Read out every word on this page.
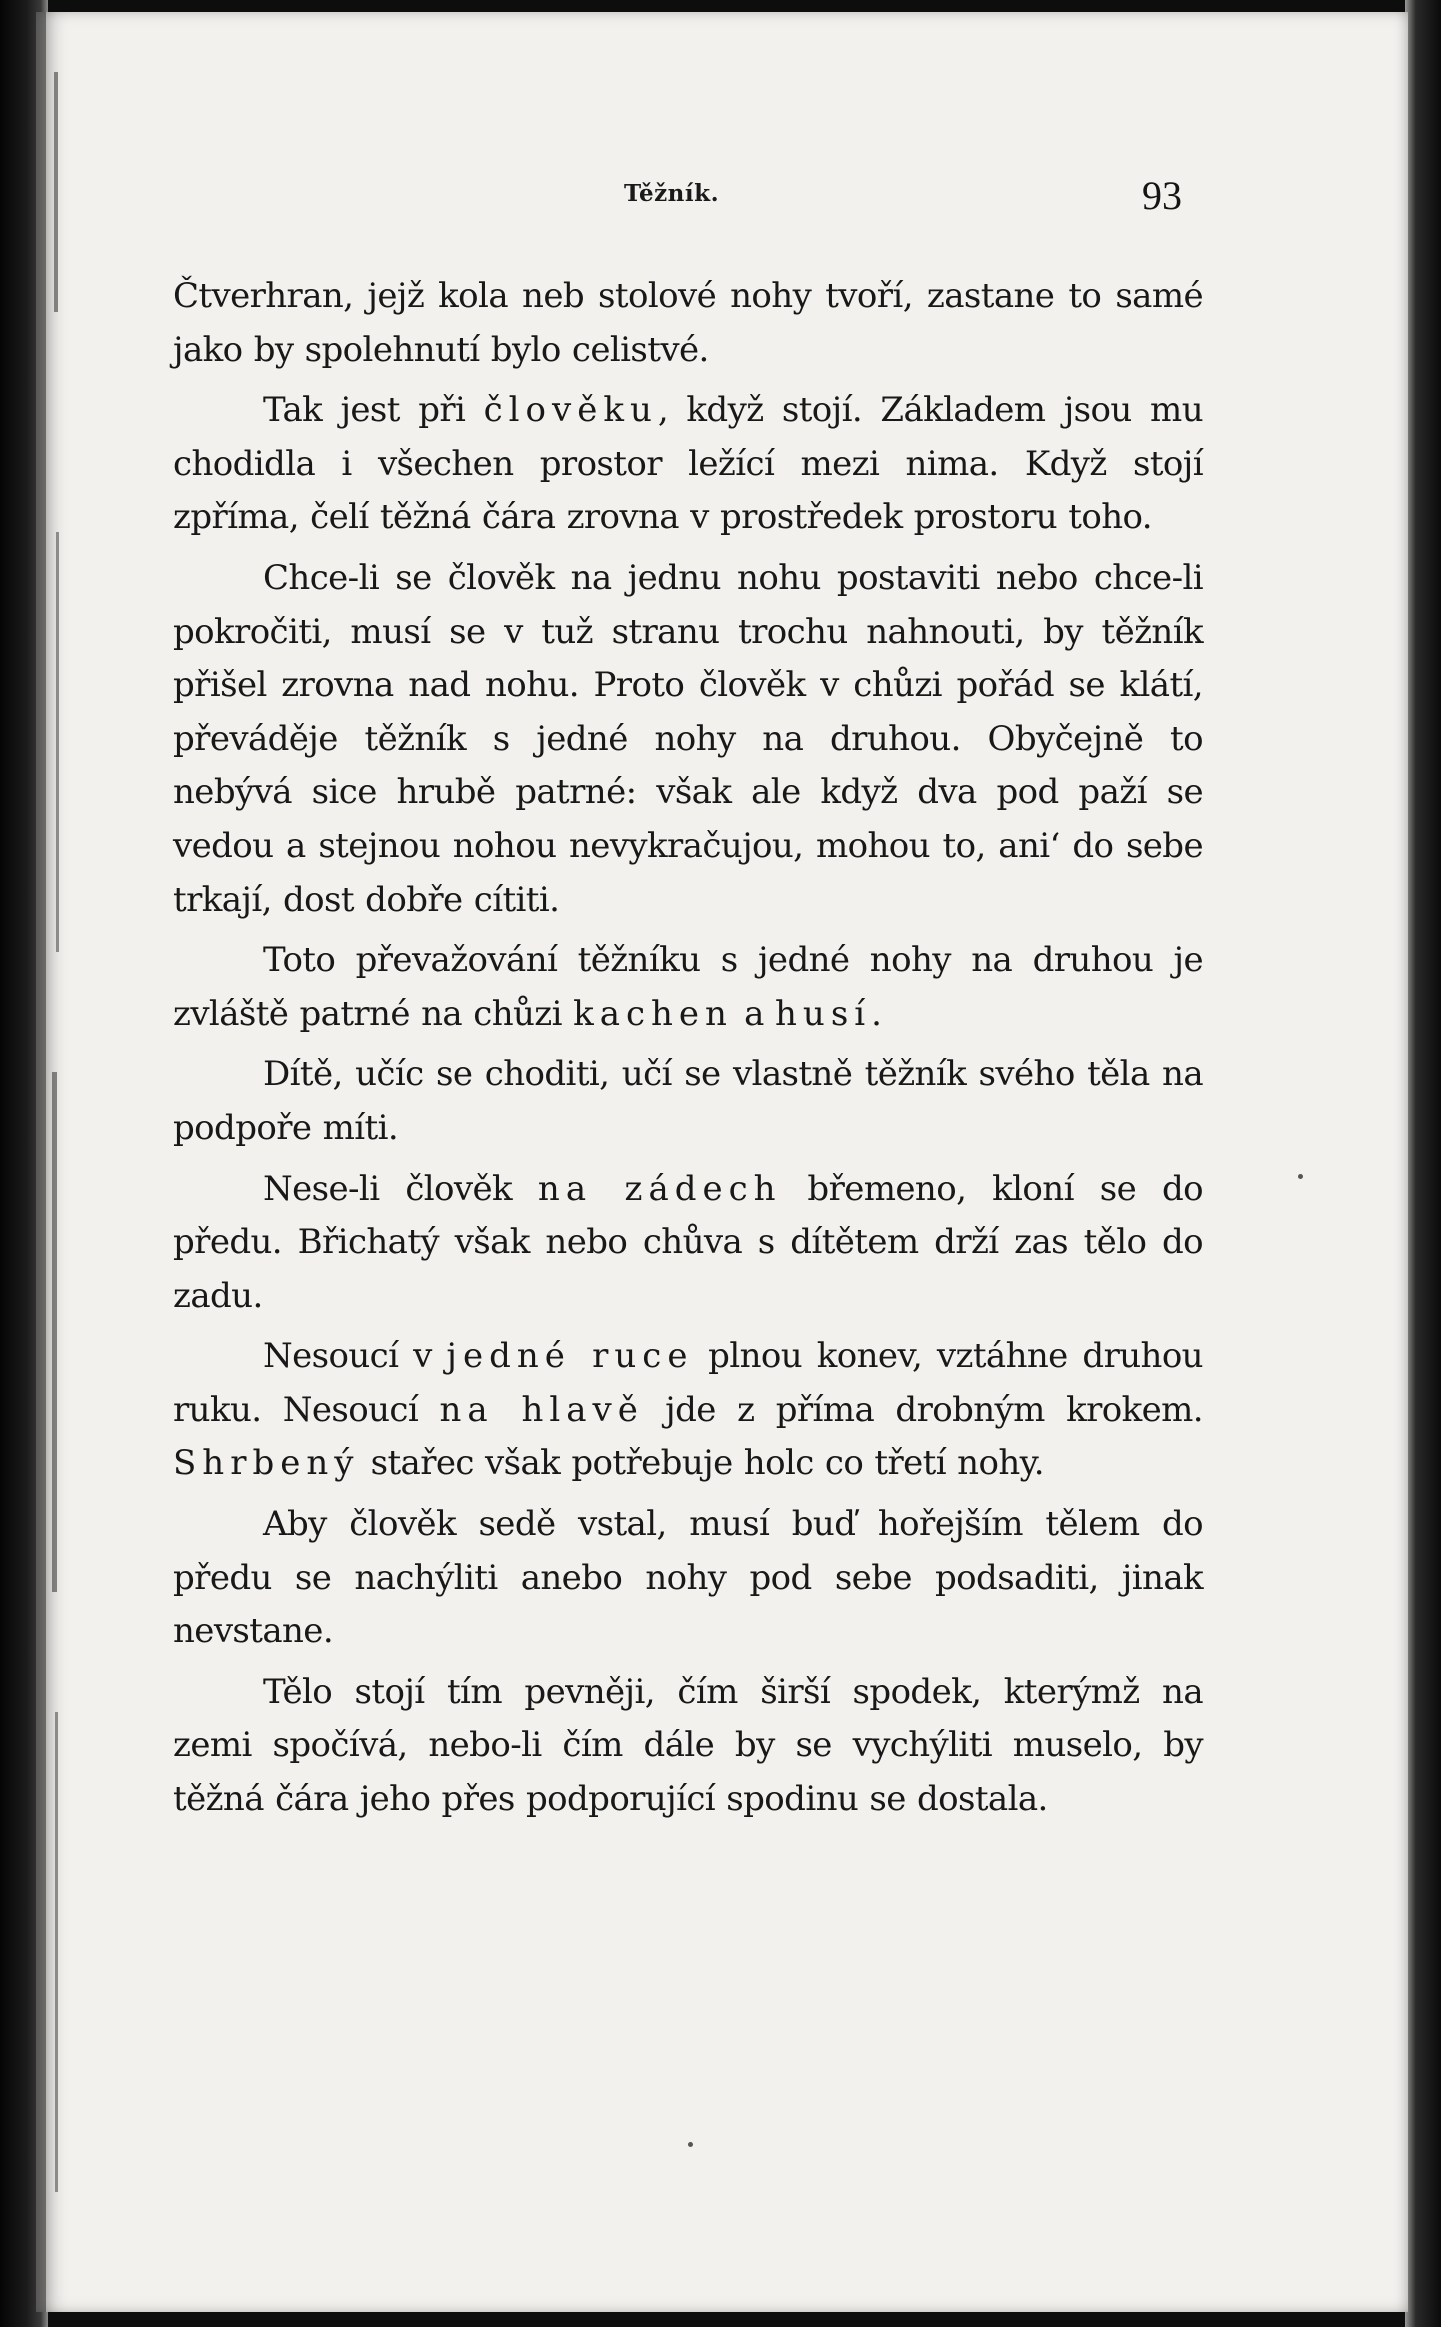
Těžník.	93

Čtverhran, jejž kola neb stolové nohy tvoří, zastane to samé jako by spolehnutí bylo celistvé.

Tak jest při člověku, když stojí. Základem jsou mu chodidla i všechen prostor ležící mezi nima. Když stojí zpříma, čelí těžná čára zrovna v prostředek prostoru toho.

Chce-li se člověk na jednu nohu postaviti nebo chce-li pokročiti, musí se v tuž stranu trochu nahnouti, by těžník přišel zrovna nad nohu. Proto člověk v chůzi pořád se klátí, převáděje těžník s jedné nohy na druhou. Obyčejně to nebývá sice hrubě patrné: však ale když dva pod paží se vedou a stejnou nohou nevykračujou, mohou to, ani‘ do sebe trkají, dost dobře cítiti.

Toto převažování těžníku s jedné nohy na druhou je zvláště patrné na chůzi kachen a husí.

Dítě, učíc se choditi, učí se vlastně těžník svého těla na podpoře míti.

Nese-li člověk na zádech břemeno, kloní se do předu. Břichatý však nebo chůva s dítětem drží zas tělo do zadu.

Nesoucí v jedné ruce plnou konev, vztáhne druhou ruku. Nesoucí na hlavě jde z přímа drobným krokem. Shrbený stařec však potřebuje holc co třetí nohy.

Aby člověk sedě vstal, musí buď hořejším tělem do předu se nachýliti anebo nohy pod sebe podsaditi, jinak nevstane.

Tělo stojí tím pevněji, čím širší spodek, kterýmž na zemi spočívá, nebo-li čím dále by se vychýliti muselo, by těžná čára jeho přes podporující spodinu se dostala.
